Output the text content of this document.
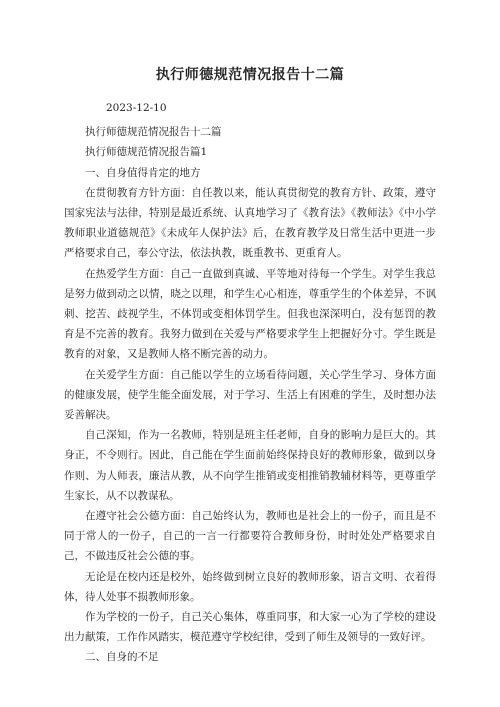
执行师德规范情况报告十二篇

2023-12-10

执行师德规范情况报告十二篇

执行师德规范情况报告篇1

一、自身值得肯定的地方

在贯彻教育方针方面：自任教以来，能认真贯彻党的教育方针、政策，遵守国家宪法与法律，特别是最近系统、认真地学习了《教育法》《教师法》《中小学教师职业道德规范》《未成年人保护法》后，在教育教学及日常生活中更进一步严格要求自己，奉公守法，依法执教，既重教书、更重育人。

在热爱学生方面：自己一直做到真诚、平等地对待每一个学生。对学生我总是努力做到动之以情，晓之以理，和学生心心相连，尊重学生的个体差异，不讽刺、挖苦、歧视学生，不体罚或变相体罚学生。但我也深深明白，没有惩罚的教育是不完善的教育。我努力做到在关爱与严格要求学生上把握好分寸。学生既是教育的对象，又是教师人格不断完善的动力。

在关爱学生方面：自己能以学生的立场看待问题，关心学生学习、身体方面的健康发展，使学生能全面发展，对于学习、生活上有困难的学生，及时想办法妥善解决。

自己深知，作为一名教师，特别是班主任老师，自身的影响力是巨大的。其身正，不令则行。因此，自己能在学生面前始终保持良好的教师形象，做到以身作则、为人师表，廉洁从教，从不向学生推销或变相推销教辅材料等，更尊重学生家长，从不以教谋私。

在遵守社会公德方面：自己始终认为，教师也是社会上的一份子，而且是不同于常人的一份子，自己的一言一行都要符合教师身份，时时处处严格要求自己，不做违反社会公德的事。

无论是在校内还是校外，始终做到树立良好的教师形象，语言文明、衣着得体，待人处事不损教师形象。

作为学校的一份子，自己关心集体，尊重同事，和大家一心为了学校的建设出力献策，工作作风踏实，模范遵守学校纪律，受到了师生及领导的一致好评。

二、自身的不足
